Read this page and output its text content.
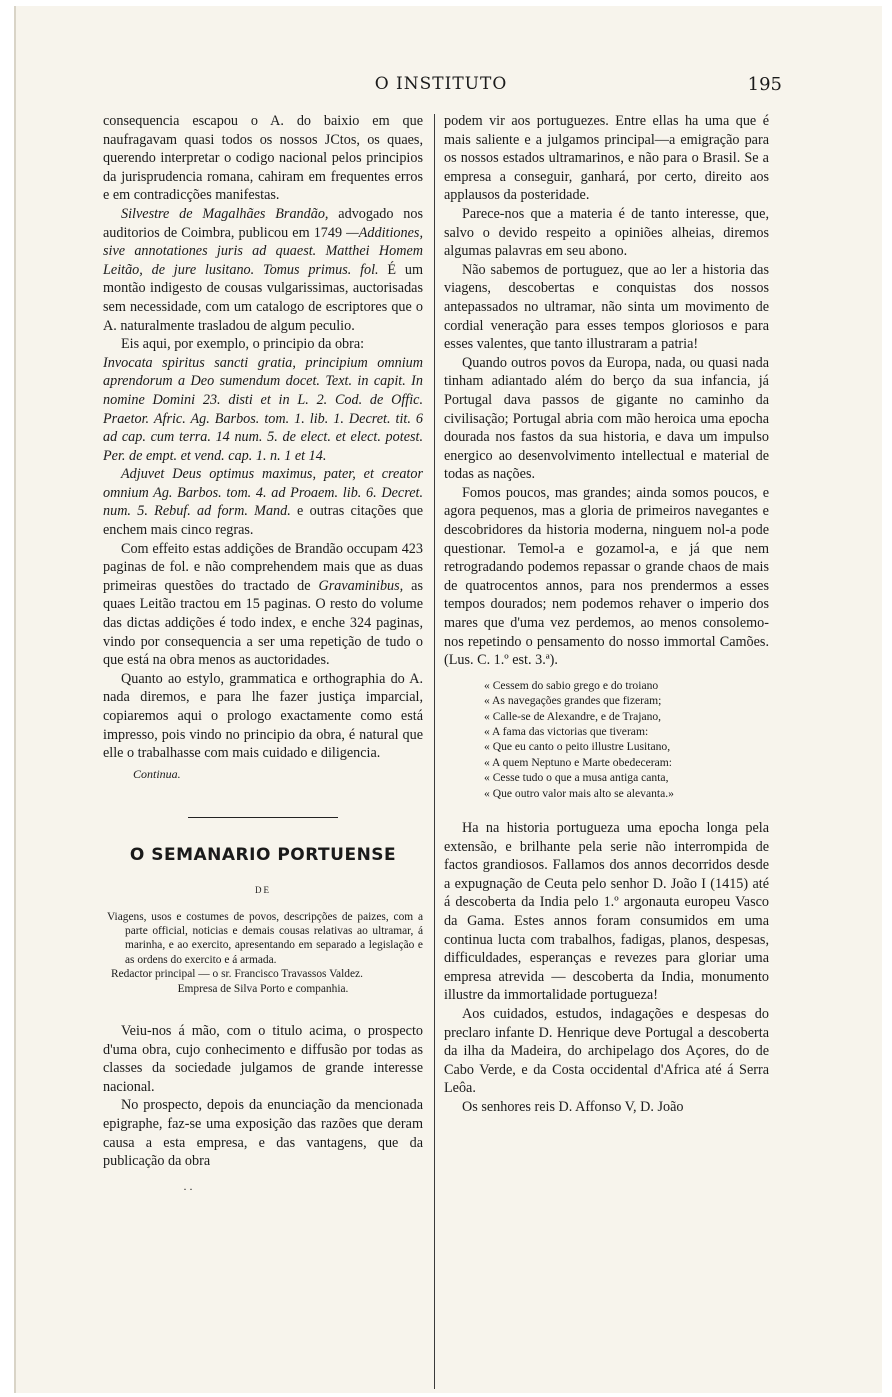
O INSTITUTO	195

consequencia escapou o A. do baixio em que naufragavam quasi todos os nossos JCtos, os quaes, querendo interpretar o codigo nacional pelos principios da jurisprudencia romana, cahiram em frequentes erros e em contradicções manifestas.

Silvestre de Magalhães Brandão, advogado nos auditorios de Coimbra, publicou em 1749 —Additiones, sive annotationes juris ad quaest. Matthei Homem Leitão, de jure lusitano. Tomus primus. fol. É um montão indigesto de cousas vulgarissimas, auctorisadas sem necessidade, com um catalogo de escriptores que o A. naturalmente trasladou de algum peculio.

Eis aqui, por exemplo, o principio da obra:

Invocata spiritus sancti gratia, principium omnium aprendorum a Deo sumendum docet. Text. in capit. In nomine Domini 23. disti et in L. 2. Cod. de Offic. Praetor. Afric. Ag. Barbos. tom. 1. lib. 1. Decret. tit. 6 ad cap. cum terra. 14 num. 5. de elect. et elect. potest. Per. de empt. et vend. cap. 1. n. 1 et 14.

Adjuvet Deus optimus maximus, pater, et creator omnium Ag. Barbos. tom. 4. ad Proaem. lib. 6. Decret. num. 5. Rebuf. ad form. Mand. e outras citações que enchem mais cinco regras.

Com effeito estas addições de Brandão occupam 423 paginas de fol. e não comprehendem mais que as duas primeiras questões do tractado de Gravaminibus, as quaes Leitão tractou em 15 paginas. O resto do volume das dictas addições é todo index, e enche 324 paginas, vindo por consequencia a ser uma repetição de tudo o que está na obra menos as auctoridades.

Quanto ao estylo, grammatica e orthographia do A. nada diremos, e para lhe fazer justiça imparcial, copiaremos aqui o prologo exactamente como está impresso, pois vindo no principio da obra, é natural que elle o trabalhasse com mais cuidado e diligencia.

Continua.

O SEMANARIO PORTUENSE

DE

Viagens, usos e costumes de povos, descripções de paizes, com a parte official, noticias e demais cousas relativas ao ultramar, á marinha, e ao exercito, apresentando em separado a legislação e as ordens do exercito e á armada.

Redactor principal — o sr. Francisco Travassos Valdez.

Empresa de Silva Porto e companhia.

Veiu-nos á mão, com o titulo acima, o prospecto d'uma obra, cujo conhecimento e diffusão por todas as classes da sociedade julgamos de grande interesse nacional.

No prospecto, depois da enunciação da mencionada epigraphe, faz-se uma exposição das razões que deram causa a esta empresa, e das vantagens, que da publicação da obra

. .

podem vir aos portuguezes. Entre ellas ha uma que é mais saliente e a julgamos principal—a emigração para os nossos estados ultramarinos, e não para o Brasil. Se a empresa a conseguir, ganhará, por certo, direito aos applausos da posteridade.

Parece-nos que a materia é de tanto interesse, que, salvo o devido respeito a opiniões alheias, diremos algumas palavras em seu abono.

Não sabemos de portuguez, que ao ler a historia das viagens, descobertas e conquistas dos nossos antepassados no ultramar, não sinta um movimento de cordial veneração para esses tempos gloriosos e para esses valentes, que tanto illustraram a patria!

Quando outros povos da Europa, nada, ou quasi nada tinham adiantado além do berço da sua infancia, já Portugal dava passos de gigante no caminho da civilisação; Portugal abria com mão heroica uma epocha dourada nos fastos da sua historia, e dava um impulso energico ao desenvolvimento intellectual e material de todas as nações.

Fomos poucos, mas grandes; ainda somos poucos, e agora pequenos, mas a gloria de primeiros navegantes e descobridores da historia moderna, ninguem nol-a pode questionar. Temol-a e gozamol-a, e já que nem retrogradando podemos repassar o grande chaos de mais de quatrocentos annos, para nos prendermos a esses tempos dourados; nem podemos rehaver o imperio dos mares que d'uma vez perdemos, ao menos consolemo-nos repetindo o pensamento do nosso immortal Camões. (Lus. C. 1.º est. 3.ª).

« Cessem do sabio grego e do troiano
« As navegações grandes que fizeram;
« Calle-se de Alexandre, e de Trajano,
« A fama das victorias que tiveram:
« Que eu canto o peito illustre Lusitano,
« A quem Neptuno e Marte obedeceram:
« Cesse tudo o que a musa antiga canta,
« Que outro valor mais alto se alevanta.»

Ha na historia portugueza uma epocha longa pela extensão, e brilhante pela serie não interrompida de factos grandiosos. Fallamos dos annos decorridos desde a expugnação de Ceuta pelo senhor D. João I (1415) até á descoberta da India pelo 1.º argonauta europeu Vasco da Gama. Estes annos foram consumidos em uma continua lucta com trabalhos, fadigas, planos, despesas, difficuldades, esperanças e revezes para gloriar uma empresa atrevida — descoberta da India, monumento illustre da immortalidade portugueza!

Aos cuidados, estudos, indagações e despesas do preclaro infante D. Henrique deve Portugal a descoberta da ilha da Madeira, do archipelago dos Açores, do de Cabo Verde, e da Costa occidental d'Africa até á Serra Leôa.

Os senhores reis D. Affonso V, D. João
